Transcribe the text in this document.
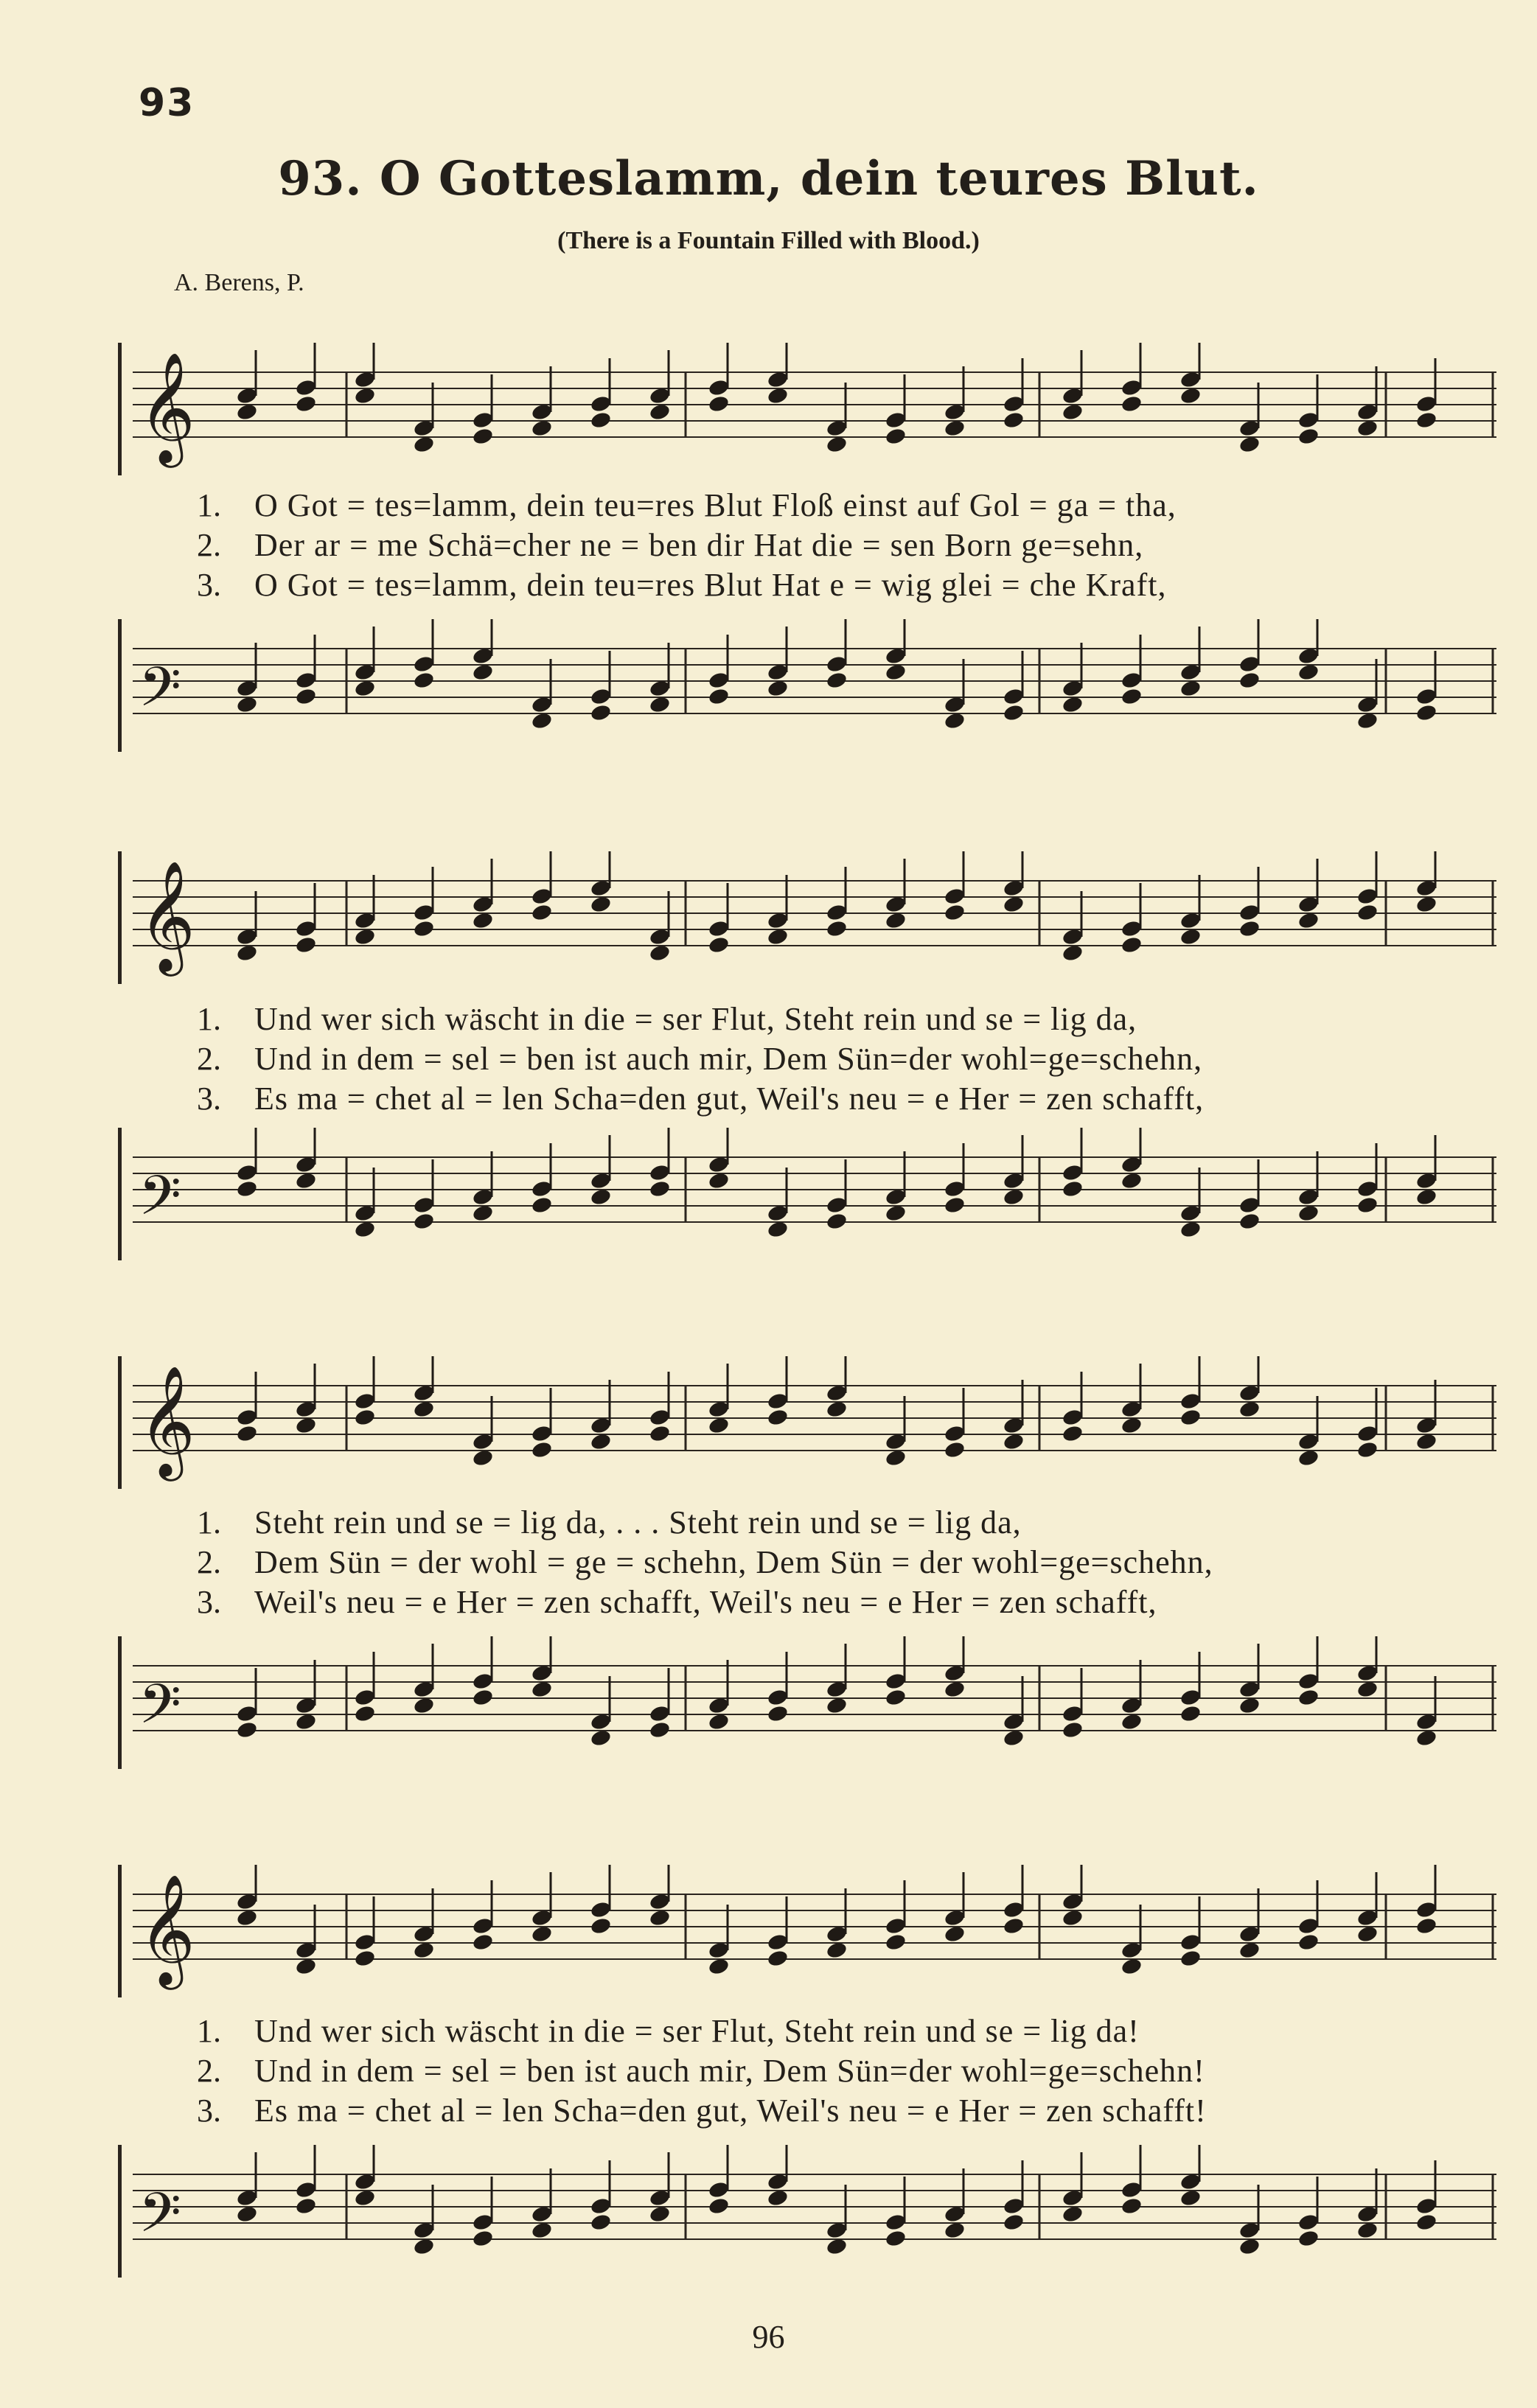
93
93. O Gotteslamm, dein teures Blut.
(There is a Fountain Filled with Blood.)
A. Berens, P.
𝄞
1. O Got = tes=lamm, dein teu=res Blut Floß einst auf Gol = ga = tha,
2. Der ar = me Schä=cher ne = ben dir Hat die = sen Born ge=sehn,
3. O Got = tes=lamm, dein teu=res Blut Hat e = wig glei = che Kraft,
𝄢
𝄞
1. Und wer sich wäscht in die = ser Flut, Steht rein und se = lig da,
2. Und in dem = sel = ben ist auch mir, Dem Sün=der wohl=ge=schehn,
3. Es ma = chet al = len Scha=den gut, Weil's neu = e Her = zen schafft,
𝄢
𝄞
1. Steht rein und se = lig da, . . . Steht rein und se = lig da,
2. Dem Sün = der wohl = ge = schehn, Dem Sün = der wohl=ge=schehn,
3. Weil's neu = e Her = zen schafft, Weil's neu = e Her = zen schafft,
𝄢
𝄞
1. Und wer sich wäscht in die = ser Flut, Steht rein und se = lig da!
2. Und in dem = sel = ben ist auch mir, Dem Sün=der wohl=ge=schehn!
3. Es ma = chet al = len Scha=den gut, Weil's neu = e Her = zen schafft!
𝄢
96
